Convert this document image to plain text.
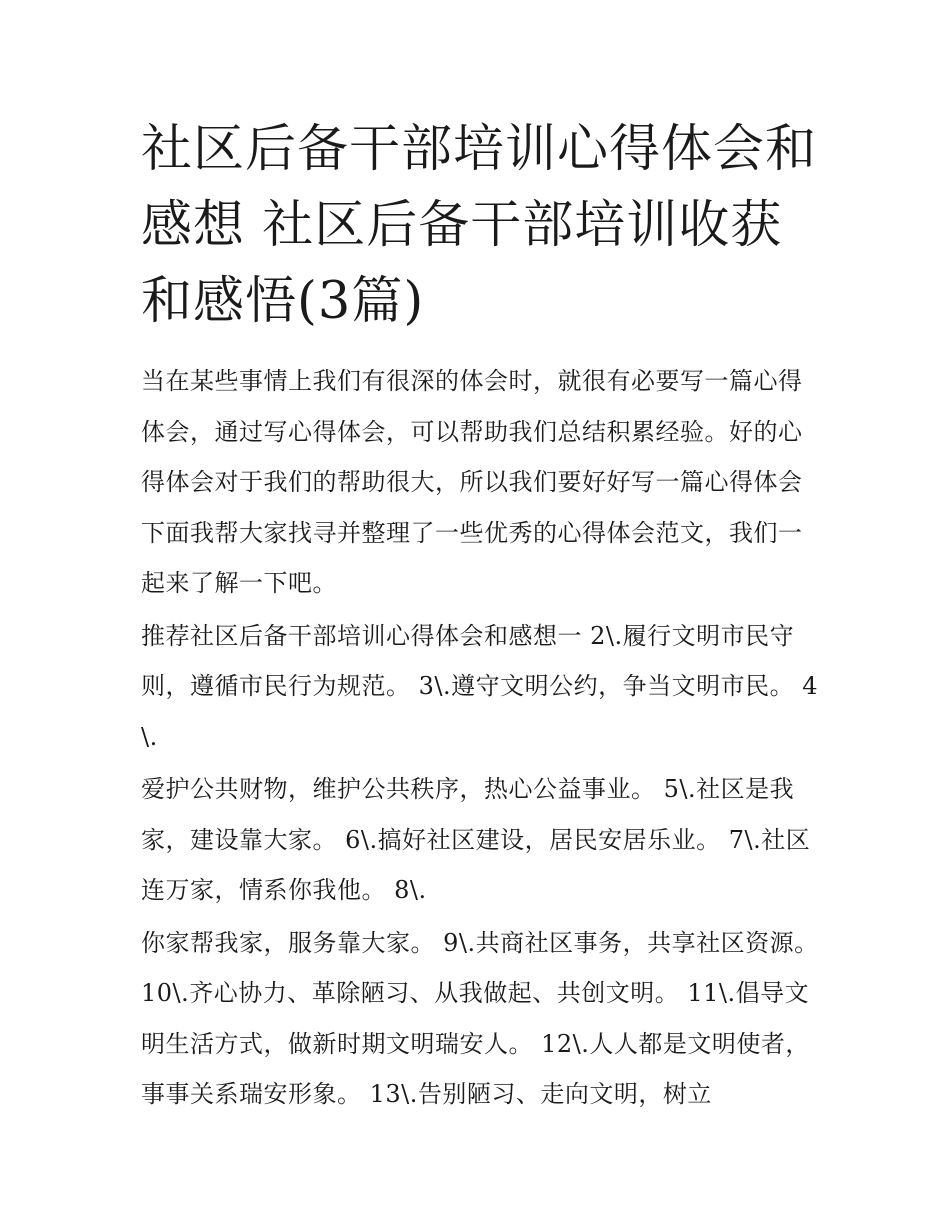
社区后备干部培训心得体会和感想 社区后备干部培训收获和感悟(3篇)

当在某些事情上我们有很深的体会时，就很有必要写一篇心得体会，通过写心得体会，可以帮助我们总结积累经验。好的心得体会对于我们的帮助很大，所以我们要好好写一篇心得体会下面我帮大家找寻并整理了一些优秀的心得体会范文，我们一起来了解一下吧。

推荐社区后备干部培训心得体会和感想一 2\.履行文明市民守则，遵循市民行为规范。 3\.遵守文明公约，争当文明市民。 4\.

爱护公共财物，维护公共秩序，热心公益事业。 5\.社区是我家，建设靠大家。 6\.搞好社区建设，居民安居乐业。 7\.社区连万家，情系你我他。 8\.

你家帮我家，服务靠大家。 9\.共商社区事务，共享社区资源。 10\.齐心协力、革除陋习、从我做起、共创文明。 11\.倡导文明生活方式，做新时期文明瑞安人。 12\.人人都是文明使者，事事关系瑞安形象。 13\.告别陋习、走向文明，树立
